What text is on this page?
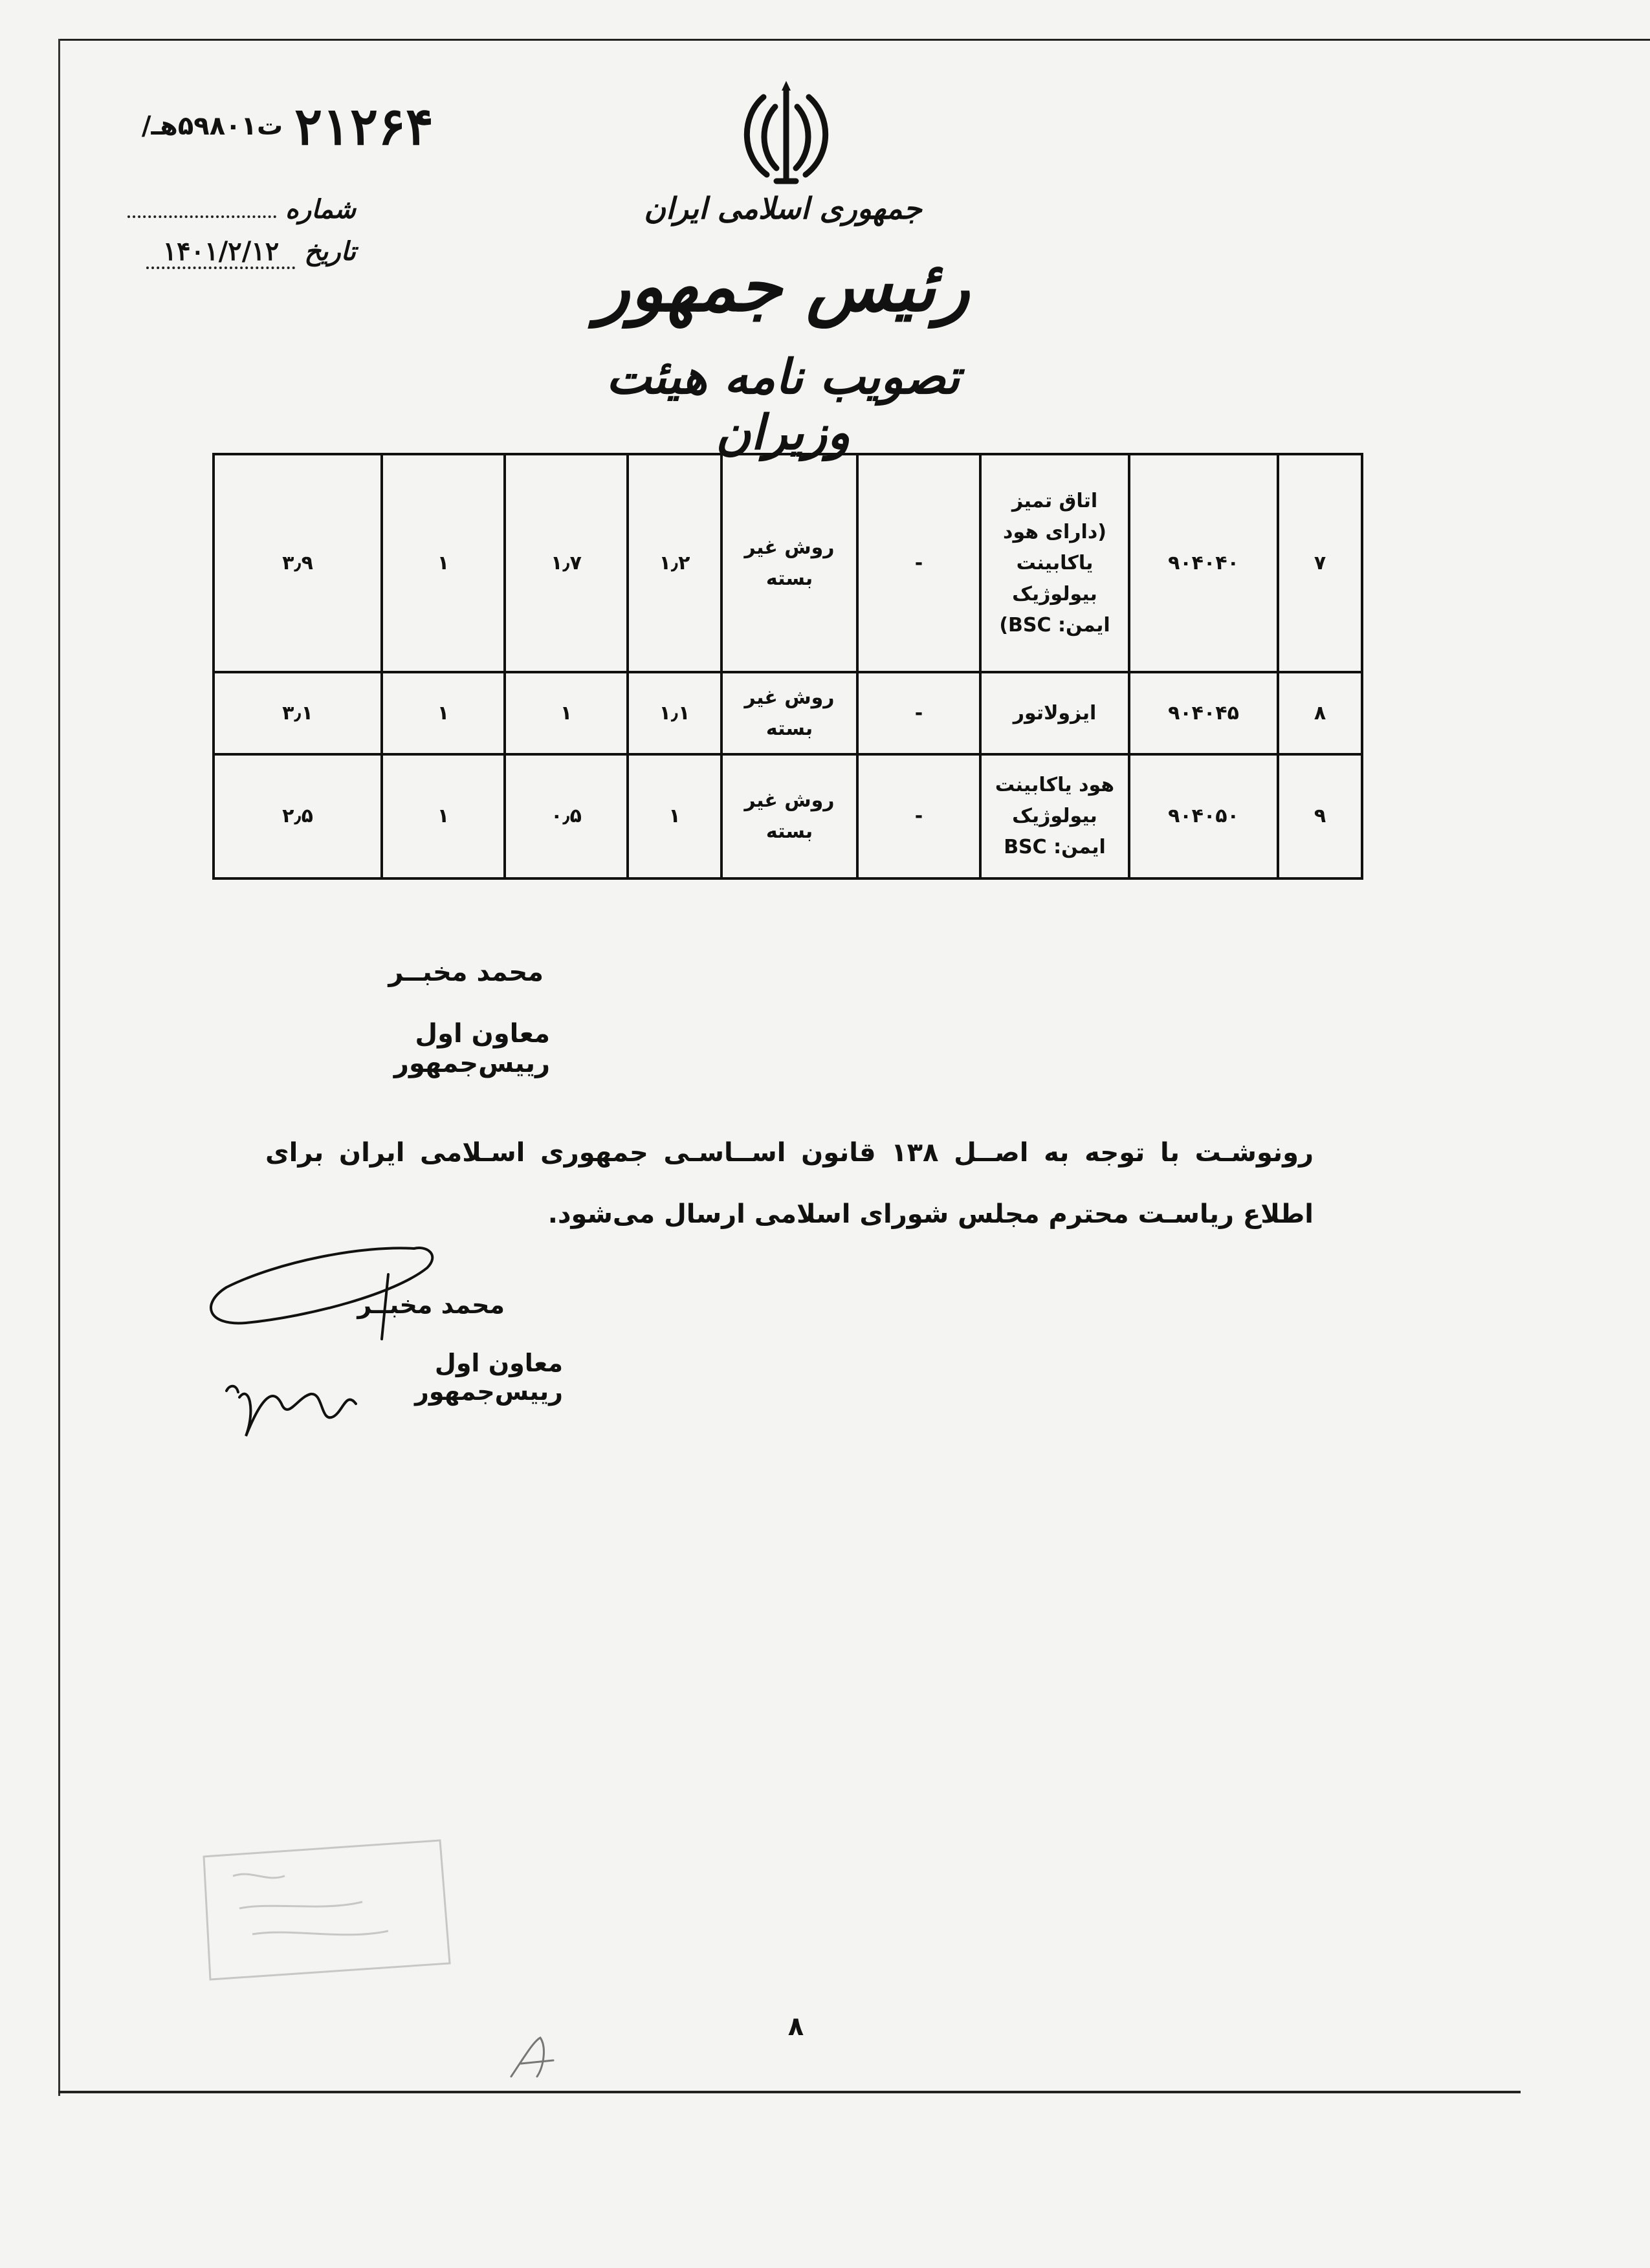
۲۱۲۶۴
ت۵۹۸۰۱هـ/
شماره
تاریخ ۱۴۰۱/۲/۱۲
جمهوری اسلامی ایران
رئیس جمهور
تصویب نامه هیئت وزیران
۷	۹۰۴۰۴۰	اتاق تمیز (دارای هود یاکابینت بیولوژیک ایمن: BSC)	-	روش غیر بسته	۱٫۲	۱٫۷	۱	۳٫۹
۸	۹۰۴۰۴۵	ایزولاتور	-	روش غیر بسته	۱٫۱	۱	۱	۳٫۱
۹	۹۰۴۰۵۰	هود یاکابینت بیولوژیک ایمن: BSC	-	روش غیر بسته	۱	۰٫۵	۱	۲٫۵
محمد مخبــر
معاون اول رییس‌جمهور
رونوشـت با توجه به اصــل ۱۳۸ قانون اســاسـی جمهوری اسـلامی ایران برای اطلاع ریاسـت محترم مجلس شورای اسلامی ارسال می‌شود.
محمد مخبــر
معاون اول رییس‌جمهور
۸
